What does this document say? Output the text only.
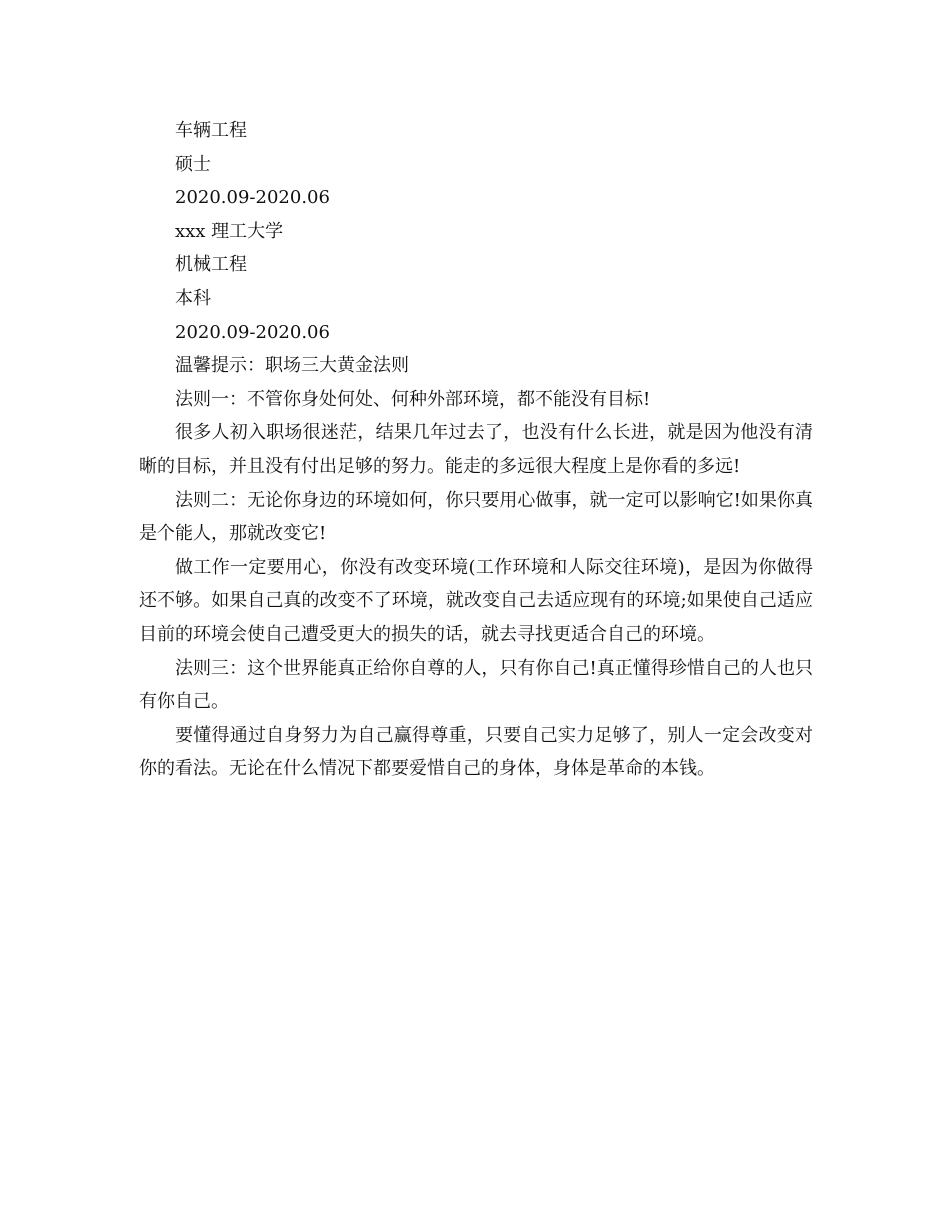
车辆工程

硕士

2020.09-2020.06

xxx 理工大学

机械工程

本科

2020.09-2020.06

温馨提示：职场三大黄金法则

法则一：不管你身处何处、何种外部环境，都不能没有目标!

很多人初入职场很迷茫，结果几年过去了，也没有什么长进，就是因为他没有清晰的目标，并且没有付出足够的努力。能走的多远很大程度上是你看的多远!

法则二：无论你身边的环境如何，你只要用心做事，就一定可以影响它!如果你真是个能人，那就改变它!

做工作一定要用心，你没有改变环境(工作环境和人际交往环境)，是因为你做得还不够。如果自己真的改变不了环境，就改变自己去适应现有的环境;如果使自己适应目前的环境会使自己遭受更大的损失的话，就去寻找更适合自己的环境。

法则三：这个世界能真正给你自尊的人，只有你自己!真正懂得珍惜自己的人也只有你自己。

要懂得通过自身努力为自己赢得尊重，只要自己实力足够了，别人一定会改变对你的看法。无论在什么情况下都要爱惜自己的身体，身体是革命的本钱。
